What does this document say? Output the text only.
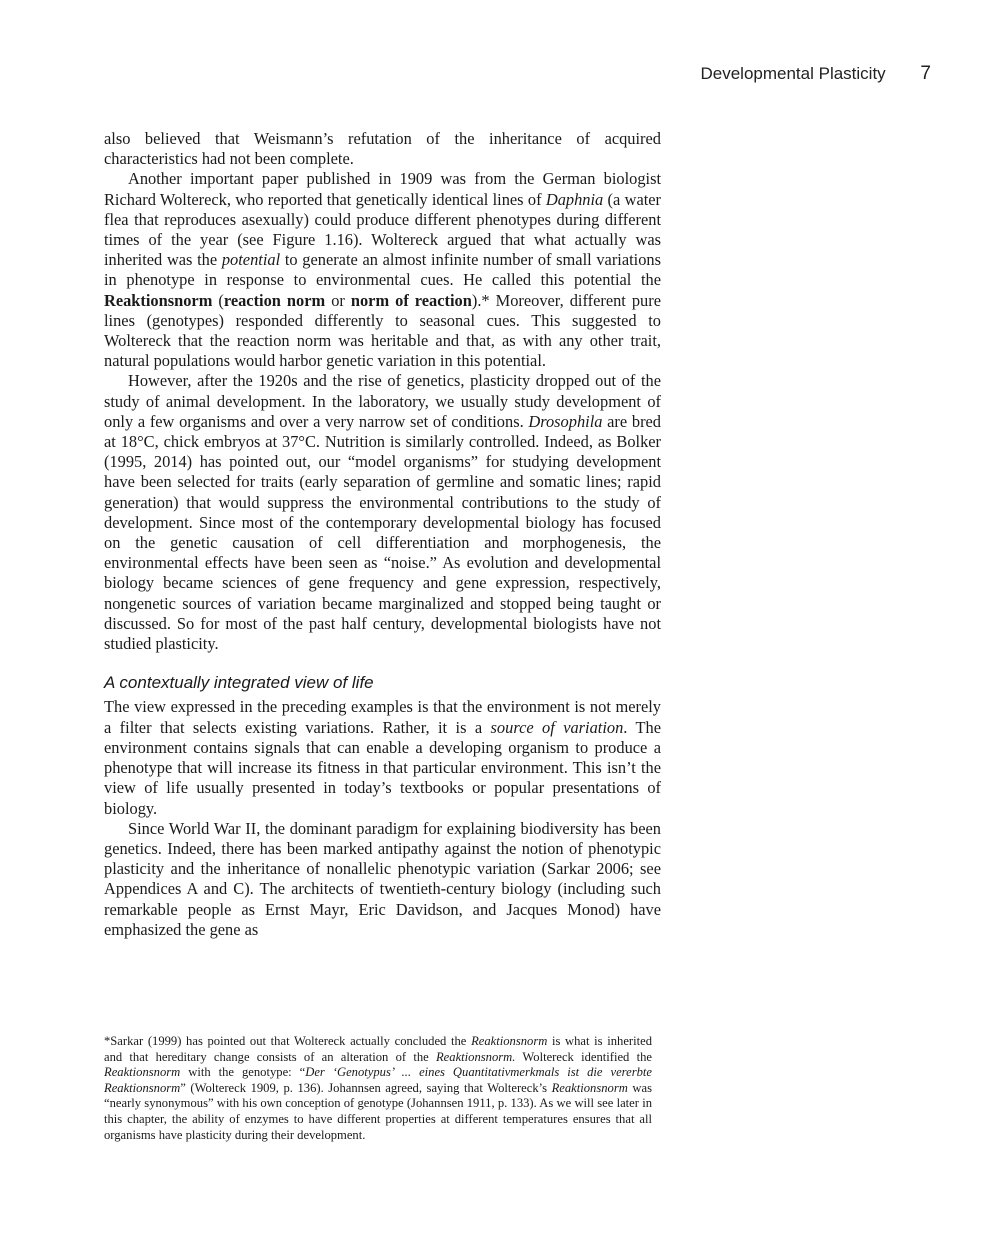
Developmental Plasticity 7

also believed that Weismann’s refutation of the inheritance of acquired characteristics had not been complete.

Another important paper published in 1909 was from the German biologist Richard Woltereck, who reported that genetically identical lines of Daphnia (a water flea that reproduces asexually) could produce different phenotypes during different times of the year (see Figure 1.16). Woltereck argued that what actually was inherited was the potential to generate an almost infinite number of small variations in phenotype in response to environmental cues. He called this potential the Reaktionsnorm (reaction norm or norm of reaction).* Moreover, different pure lines (genotypes) responded differently to seasonal cues. This suggested to Woltereck that the reaction norm was heritable and that, as with any other trait, natural populations would harbor genetic variation in this potential.

However, after the 1920s and the rise of genetics, plasticity dropped out of the study of animal development. In the laboratory, we usually study development of only a few organisms and over a very narrow set of conditions. Drosophila are bred at 18°C, chick embryos at 37°C. Nutrition is similarly controlled. Indeed, as Bolker (1995, 2014) has pointed out, our “model organisms” for studying development have been selected for traits (early separation of germline and somatic lines; rapid generation) that would suppress the environmental contributions to the study of development. Since most of the contemporary developmental biology has focused on the genetic causation of cell differentiation and morphogenesis, the environmental effects have been seen as “noise.” As evolution and developmental biology became sciences of gene frequency and gene expression, respectively, nongenetic sources of variation became marginalized and stopped being taught or discussed. So for most of the past half century, developmental biologists have not studied plasticity.

A contextually integrated view of life

The view expressed in the preceding examples is that the environment is not merely a filter that selects existing variations. Rather, it is a source of variation. The environment contains signals that can enable a developing organism to produce a phenotype that will increase its fitness in that particular environment. This isn’t the view of life usually presented in today’s textbooks or popular presentations of biology.

Since World War II, the dominant paradigm for explaining biodiversity has been genetics. Indeed, there has been marked antipathy against the notion of phenotypic plasticity and the inheritance of nonallelic phenotypic variation (Sarkar 2006; see Appendices A and C). The architects of twentieth-century biology (including such remarkable people as Ernst Mayr, Eric Davidson, and Jacques Monod) have emphasized the gene as

*Sarkar (1999) has pointed out that Woltereck actually concluded the Reaktionsnorm is what is inherited and that hereditary change consists of an alteration of the Reaktionsnorm. Woltereck identified the Reaktionsnorm with the genotype: “Der ‘Genotypus’ ... eines Quantitativmerkmals ist die vererbte Reaktionsnorm” (Woltereck 1909, p. 136). Johannsen agreed, saying that Woltereck’s Reaktionsnorm was “nearly synonymous” with his own conception of genotype (Johannsen 1911, p. 133). As we will see later in this chapter, the ability of enzymes to have different properties at different temperatures ensures that all organisms have plasticity during their development.
